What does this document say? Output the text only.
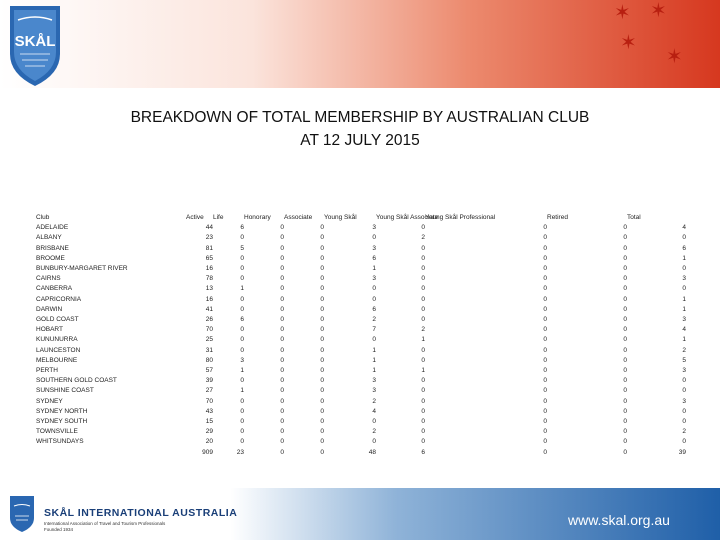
SKÅL
✶ ✶
✶
✶
BREAKDOWN OF TOTAL MEMBERSHIP BY AUSTRALIAN CLUB
AT 12 JULY 2015
Club	Active	Life	Honorary	Associate	Young Skål	Young Skål Associate	Young Skål Professional	Retired	Total	
ADELAIDE	44	6	0	0	3	0	0	0	4	
ALBANY	23	0	0	0	0	2	0	0	0	
BRISBANE	81	5	0	0	3	0	0	0	6	
BROOME	65	0	0	0	6	0	0	0	1	
BUNBURY-MARGARET RIVER	16	0	0	0	1	0	0	0	0	
CAIRNS	78	0	0	0	3	0	0	0	3	
CANBERRA	13	1	0	0	0	0	0	0	0	
CAPRICORNIA	16	0	0	0	0	0	0	0	1	
DARWIN	41	0	0	0	6	0	0	0	1	
GOLD COAST	26	6	0	0	2	0	0	0	3	
HOBART	70	0	0	0	7	2	0	0	4	
KUNUNURRA	25	0	0	0	0	1	0	0	1	
LAUNCESTON	31	0	0	0	1	0	0	0	2	
MELBOURNE	80	3	0	0	1	0	0	0	5	
PERTH	57	1	0	0	1	1	0	0	3	
SOUTHERN GOLD COAST	39	0	0	0	3	0	0	0	0	
SUNSHINE COAST	27	1	0	0	3	0	0	0	0	
SYDNEY	70	0	0	0	2	0	0	0	3	
SYDNEY NORTH	43	0	0	0	4	0	0	0	0	
SYDNEY SOUTH	15	0	0	0	0	0	0	0	0	
TOWNSVILLE	29	0	0	0	2	0	0	0	2	
WHITSUNDAYS	20	0	0	0	0	0	0	0	0	
	909	23	0	0	48	6	0	0	39	
SKÅL INTERNATIONAL AUSTRALIA
International Association of Travel and Tourism Professionals
Founded 1934
www.skal.org.au
